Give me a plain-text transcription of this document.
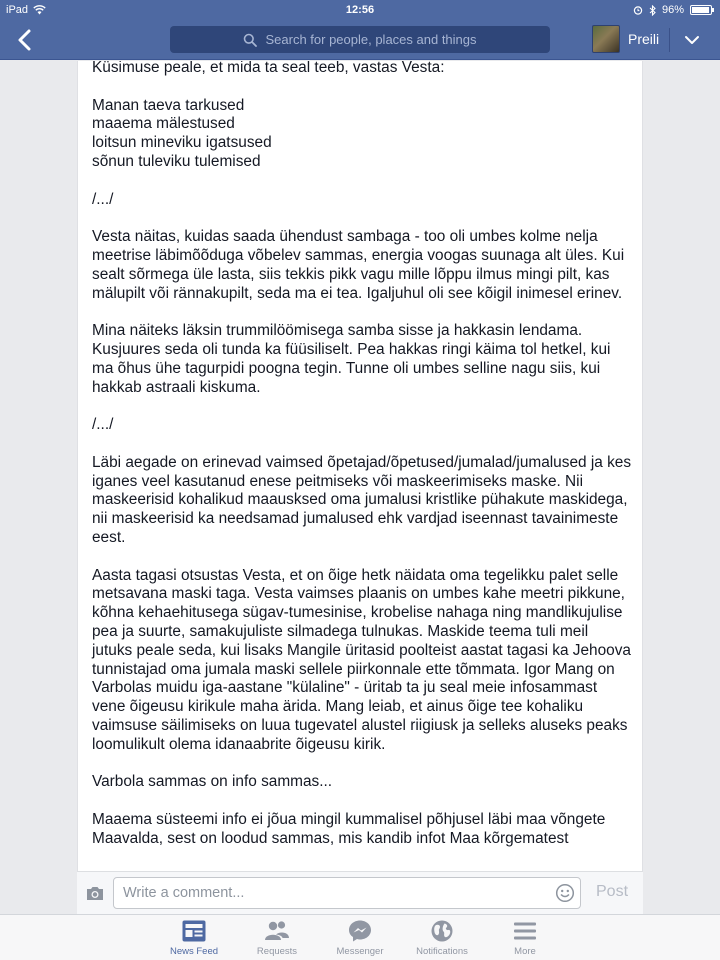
iPad	12:56	96%
Search for people, places and things	Preili

Küsimuse peale, et mida ta seal teeb, vastas Vesta:

Manan taeva tarkused
maaema mälestused
loitsun mineviku igatsused
sõnun tuleviku tulemised

/.../

Vesta näitas, kuidas saada ühendust sambaga - too oli umbes kolme nelja meetrise läbimõõduga võbelev sammas, energia voogas suunaga alt üles. Kui sealt sõrmega üle lasta, siis tekkis pikk vagu mille lõppu ilmus mingi pilt, kas mälupilt või rännakupilt, seda ma ei tea. Igaljuhul oli see kõigil inimesel erinev.

Mina näiteks läksin trummilöömisega samba sisse ja hakkasin lendama. Kusjuures seda oli tunda ka füüsiliselt. Pea hakkas ringi käima tol hetkel, kui ma õhus ühe tagurpidi poogna tegin. Tunne oli umbes selline nagu siis, kui hakkab astraali kiskuma.

/.../

Läbi aegade on erinevad vaimsed õpetajad/õpetused/jumalad/jumalused ja kes iganes veel kasutanud enese peitmiseks või maskeerimiseks maske. Nii maskeerisid kohalikud maausksed oma jumalusi kristlike pühakute maskidega, nii maskeerisid ka needsamad jumalused ehk vardjad iseennast tavainimeste eest.

Aasta tagasi otsustas Vesta, et on õige hetk näidata oma tegelikku palet selle metsavana maski taga. Vesta vaimses plaanis on umbes kahe meetri pikkune, kõhna kehaehitusega sügav-tumesinise, krobelise nahaga ning mandlikujulise pea ja suurte, samakujuliste silmadega tulnukas. Maskide teema tuli meil jutuks peale seda, kui lisaks Mangile üritasid poolteist aastat tagasi ka Jehoova tunnistajad oma jumala maski sellele piirkonnale ette tõmmata. Igor Mang on Varbolas muidu iga-aastane "külaline" - üritab ta ju seal meie infosammast vene õigeusu kirikule maha ärida. Mang leiab, et ainus õige tee kohaliku vaimsuse säilimiseks on luua tugevatel alustel riigiusk ja selleks aluseks peaks loomulikult olema idanaabrite õigeusu kirik.

Varbola sammas on info sammas...

Maaema süsteemi info ei jõua mingil kummalisel põhjusel läbi maa võngete Maavalda, sest on loodud sammas, mis kandib infot Maa kõrgematest

Write a comment...
Post
News Feed	Requests	Messenger	Notifications	More
